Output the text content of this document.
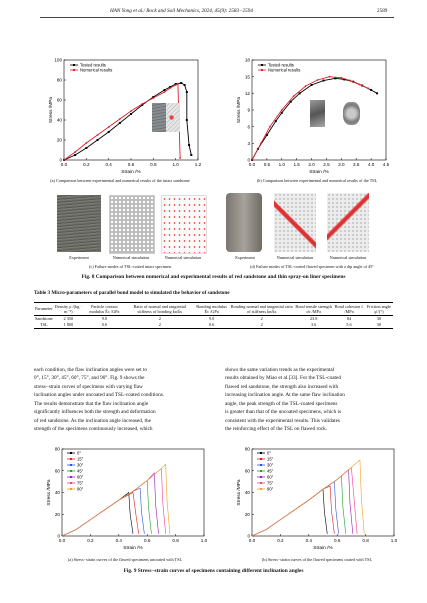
HAN Yong et al./ Rock and Soil Mechanics, 2024, 45(9): 2583−2594	2589
0.0	0.2	0.4	0.6	0.8	1.0	1.2
0
20
40
60
80
100
Strain /%
Stress /MPa
Tested results
Numerical results
0.0 0.5 1.0 1.5 2.0 2.5 3.0 3.5 4.0 4.5
0
3
6
9
12
15
18
Strain /%
Stress /MPa
Tested results
Numerical results
(a) Comparison between experimental and numerical results of the intact sandstone	(b) Comparison between experimental and numerical results of the TSL
Experiment	Numerical simulation	Numerical simulation	Experiment	Numerical simulation	Numerical simulation
(c) Failure modes of TSL-coated intact specimen	(d) Failure modes of TSL-coated flawed specimen with a dip angle of 45°
Fig. 8 Comparison between numerical and experimental results of red sandstone and thin spray-on liner specimens
Table 3 Micro-parameters of parallel bond model to simulated the behavior of sandstone
Parameter	Density ρ /(kg · m⁻³)	Particle contact modulus Ēc /GPa	Ratio of normal and tangential stiffness of bonding k̄n/k̄s	Bonding modulus Ēc /GPa	Bonding normal and tangential ratio of stiffness k̄n/k̄s	Bond tensile strength σ̄c /MPa	Bond cohesion c̄ /MPa	Friction angle φ̄ /(°)
Sandstone	2 350	9.0	2	9.0	2	23.8	84	30
TSL	1 800	0.6	2	0.6	2	3.6	5.6	30
each condition, the flaw inclination angles were set to
0°, 15°, 30°, 45°, 60°, 75°, and 90°. Fig. 9 shows the
stress−strain curves of specimens with varying flaw
inclination angles under uncoated and TSL-coated conditions.
The results demonstrate that the flaw inclination angle
significantly influences both the strength and deformation
of red sandstone. As the inclination angle increased, the
strength of the specimens continuously increased, which
shows the same variation trends as the experimental
results obtained by Miao et al.[33]. For the TSL-coated
flawed red sandstone, the strength also increased with
increasing inclination angle. At the same flaw inclination
angle, the peak strength of the TSL-coated specimens
is greater than that of the uncoated specimens, which is
consistent with the experimental results. This validates
the reinforcing effect of the TSL on flawed rock.
0.0	0.2	0.4	0.6	0.8	1.0
0
20
40
60
80
Strain /%
Stress /MPa
0°
15°
30°
45°
60°
75°
90°
0.0	0.2	0.4	0.6	0.8	1.0
0
20
40
60
80
Strain /%
Stress /MPa
0°
15°
30°
45°
60°
75°
90°
(a) Stress−strain curves of the flawed specimens uncoated with TSL	(b) Stress−strain curves of the flawed specimens coated with TSL
Fig. 9 Stress−strain curves of specimens containing different inclination angles
